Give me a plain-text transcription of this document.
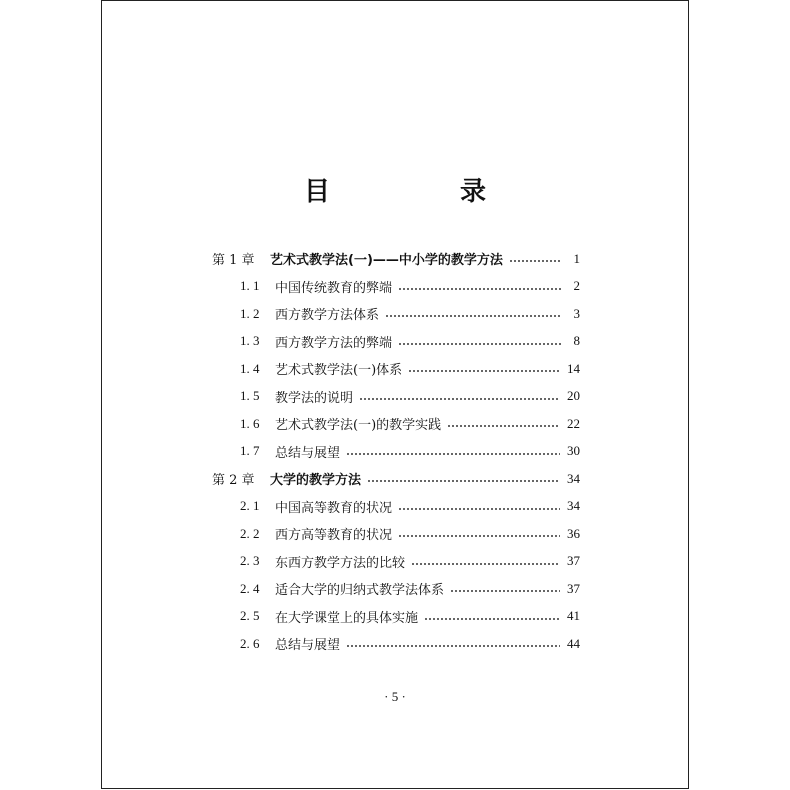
目　录
第 1 章	艺术式教学法(一)——中小学的教学方法	1
1. 1	中国传统教育的弊端	2
1. 2	西方教学方法体系	3
1. 3	西方教学方法的弊端	8
1. 4	艺术式教学法(一)体系	14
1. 5	教学法的说明	20
1. 6	艺术式教学法(一)的教学实践	22
1. 7	总结与展望	30
第 2 章	大学的教学方法	34
2. 1	中国高等教育的状况	34
2. 2	西方高等教育的状况	36
2. 3	东西方教学方法的比较	37
2. 4	适合大学的归纳式教学法体系	37
2. 5	在大学课堂上的具体实施	41
2. 6	总结与展望	44
· 5 ·
